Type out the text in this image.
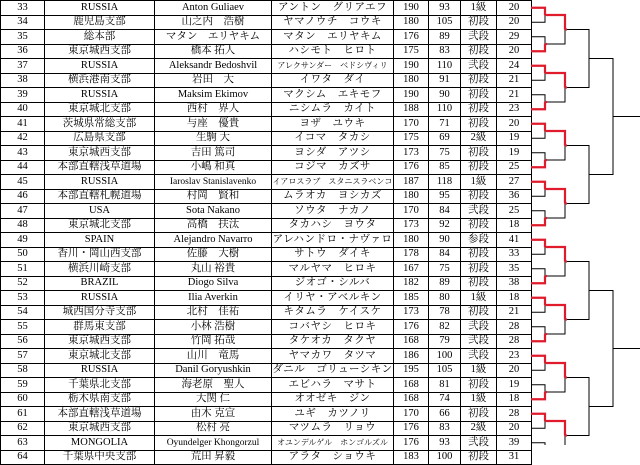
33	RUSSIA	Anton Guliaev	アントン　グリアエフ	190	93	1級	20
34	鹿児島支部	山之内　浩樹	ヤマノウチ　コウキ	180	105	初段	20
35	総本部	マタン　エリヤキム	マタン　エリヤキム	176	89	弐段	29
36	東京城西支部	橋本 拓人	ハシモト　ヒロト	175	83	初段	20
37	RUSSIA	Aleksandr Bedoshvil	アレクサンダー　ベドシヴィリ	190	110	弐段	24
38	横浜港南支部	岩田　大	イワタ　ダイ	180	91	初段	21
39	RUSSIA	Maksim Ekimov	マクシム　エキモフ	190	90	初段	21
40	東京城北支部	西村　界人	ニシムラ　カイト	188	110	初段	23
41	茨城県常総支部	与座　優貴	ヨザ　ユウキ	170	71	初段	20
42	広島県支部	生駒 大	イコマ　タカシ	175	69	2級	19
43	東京城西支部	吉田 篤司	ヨシダ　アツシ	173	75	初段	19
44	本部直轄浅草道場	小嶋 和真	コジマ　カズサ	176	85	初段	25
45	RUSSIA	Iaroslav Stanislavenko	イアロスラブ　スタニスラベンコ	187	118	1級	27
46	本部直轄札幌道場	村岡　賢和	ムラオカ　ヨシカズ	180	95	初段	36
47	USA	Sota Nakano	ソウタ　ナカノ	170	84	弐段	25
48	東京城北支部	高橋　扶汰	タカハシ　ヨウタ	173	92	初段	18
49	SPAIN	Alejandro Navarro	アレハンドロ・ナヴァロ	180	90	参段	41
50	香川・岡山西支部	佐藤　大樹	サトウ　ダイキ	178	84	初段	33
51	横浜川崎支部	丸山 裕貴	マルヤマ　ヒロキ	167	75	初段	35
52	BRAZIL	Diogo Silva	ジオゴ・シルバ	182	89	初段	38
53	RUSSIA	Ilia Averkin	イリヤ・アベルキン	185	80	1級	18
54	城西国分寺支部	北村　佳祐	キタムラ　ケイスケ	173	78	初段	21
55	群馬東支部	小林 浩樹	コバヤシ　ヒロキ	176	82	弐段	28
56	東京城西支部	竹岡 拓哉	タケオカ　タクヤ	168	79	弐段	28
57	東京城北支部	山川　竜馬	ヤマカワ　タツマ	186	100	弐段	23
58	RUSSIA	Danil Goryushkin	ダニル　ゴリューシキン	195	105	1級	20
59	千葉県北支部	海老原　聖人	エビハラ　マサト	168	81	初段	19
60	栃木県南支部	大関 仁	オオゼキ　ジン	168	74	1級	18
61	本部直轄浅草道場	由木 克宣	ユギ　カツノリ	170	66	初段	28
62	東京城西支部	松村 亮	マツムラ　リョウ	176	83	2級	20
63	MONGOLIA	Oyundelger Khongorzul	オユンデルゲル　ホンゴルズル	176	93	弐段	39
64	千葉県中央支部	荒田 昇毅	アラタ　ショウキ	183	100	初段	31
